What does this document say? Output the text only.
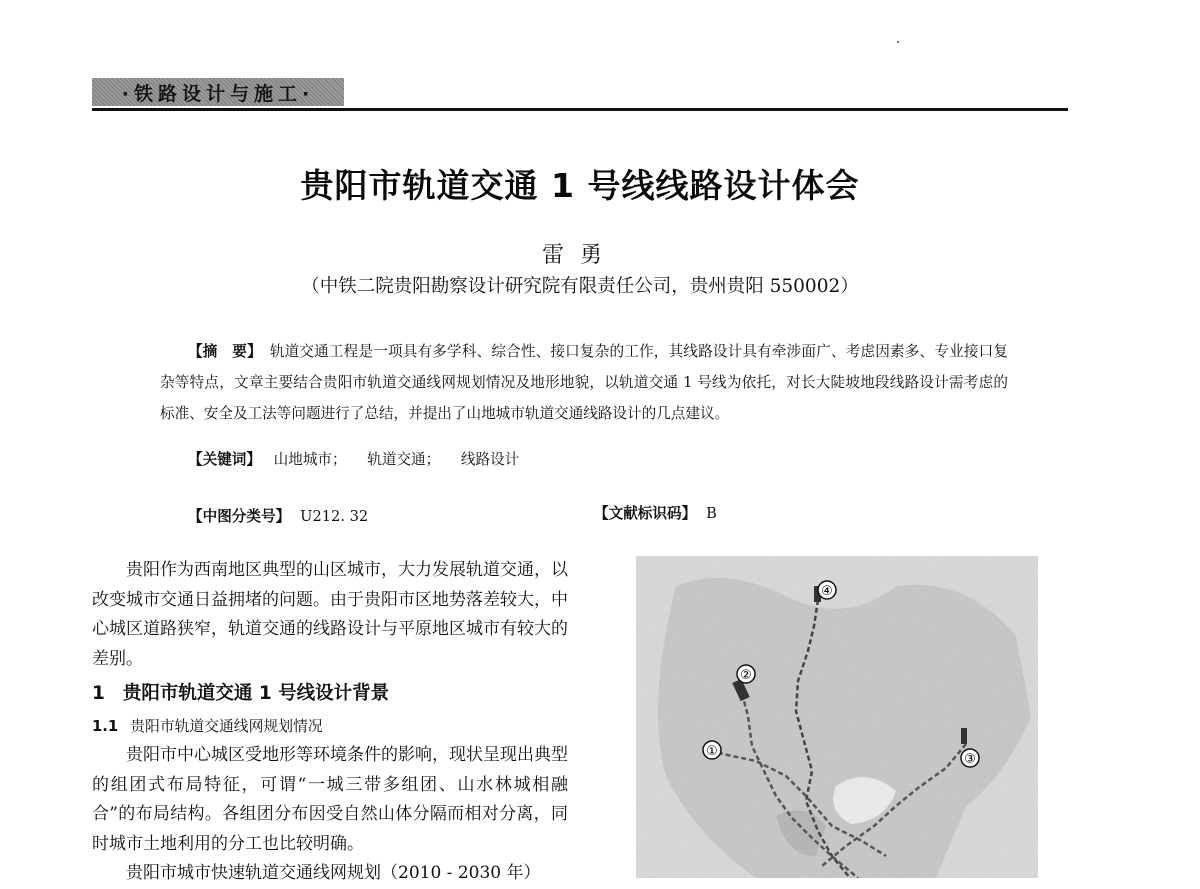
·铁路设计与施工·
贵阳市轨道交通 1 号线线路设计体会
雷勇
（中铁二院贵阳勘察设计研究院有限责任公司，贵州贵阳 550002）
【摘　要】 轨道交通工程是一项具有多学科、综合性、接口复杂的工作，其线路设计具有牵涉面广、考虑因素多、专业接口复杂等特点，文章主要结合贵阳市轨道交通线网规划情况及地形地貌，以轨道交通 1 号线为依托，对长大陡坡地段线路设计需考虑的标准、安全及工法等问题进行了总结，并提出了山地城市轨道交通线路设计的几点建议。
【关键词】 山地城市； 轨道交通； 线路设计
【中图分类号】 U212. 32	【文献标识码】 B

贵阳作为西南地区典型的山区城市，大力发展轨道交通，以改变城市交通日益拥堵的问题。由于贵阳市区地势落差较大，中心城区道路狭窄，轨道交通的线路设计与平原地区城市有较大的差别。

1 贵阳市轨道交通 1 号线设计背景
1.1 贵阳市轨道交通线网规划情况

贵阳市中心城区受地形等环境条件的影响，现状呈现出典型的组团式布局特征，可谓“一城三带多组团、山水林城相融合”的布局结构。各组团分布因受自然山体分隔而相对分离，同时城市土地利用的分工也比较明确。

贵阳市城市快速轨道交通线网规划（2010 - 2030 年）

④
②
①
③
